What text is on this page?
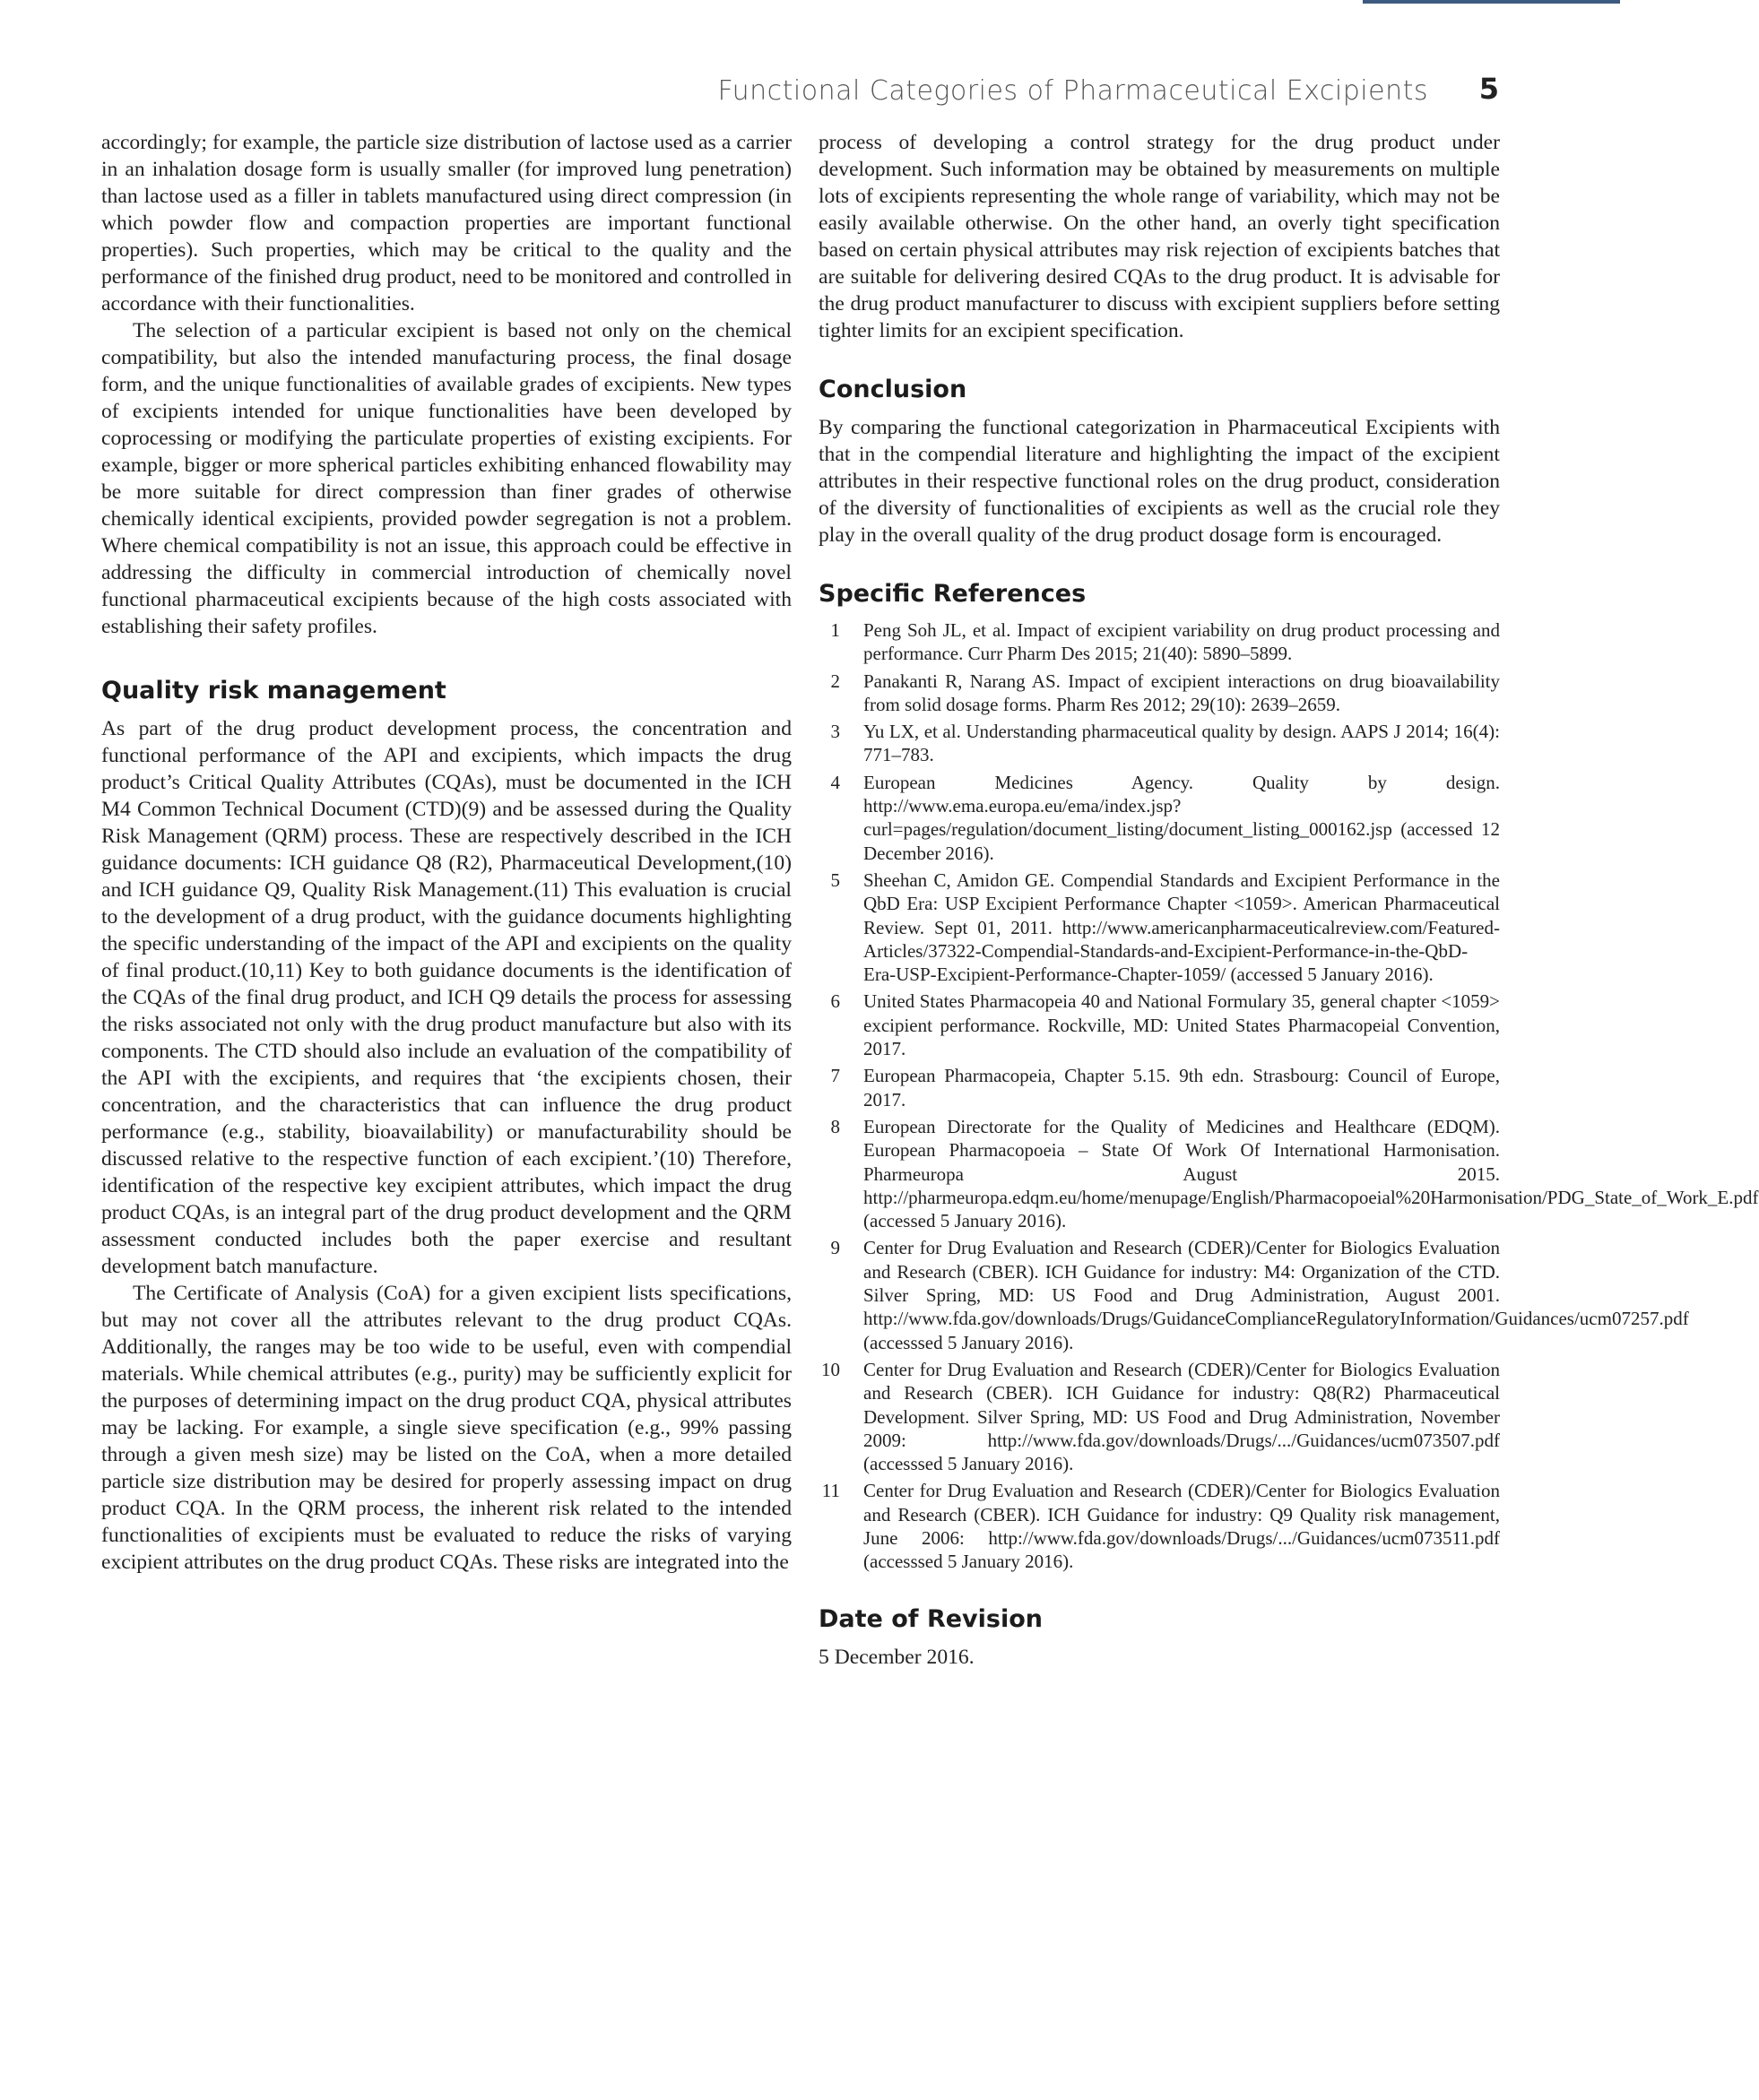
Functional Categories of Pharmaceutical Excipients 5

accordingly; for example, the particle size distribution of lactose used as a carrier in an inhalation dosage form is usually smaller (for improved lung penetration) than lactose used as a filler in tablets manufactured using direct compression (in which powder flow and compaction properties are important functional properties). Such properties, which may be critical to the quality and the performance of the finished drug product, need to be monitored and controlled in accordance with their functionalities.

The selection of a particular excipient is based not only on the chemical compatibility, but also the intended manufacturing process, the final dosage form, and the unique functionalities of available grades of excipients. New types of excipients intended for unique functionalities have been developed by coprocessing or modifying the particulate properties of existing excipients. For example, bigger or more spherical particles exhibiting enhanced flowability may be more suitable for direct compression than finer grades of otherwise chemically identical excipients, provided powder segregation is not a problem. Where chemical compatibility is not an issue, this approach could be effective in addressing the difficulty in commercial introduction of chemically novel functional pharmaceutical excipients because of the high costs associated with establishing their safety profiles.

Quality risk management

As part of the drug product development process, the concentration and functional performance of the API and excipients, which impacts the drug product’s Critical Quality Attributes (CQAs), must be documented in the ICH M4 Common Technical Document (CTD)(9) and be assessed during the Quality Risk Management (QRM) process. These are respectively described in the ICH guidance documents: ICH guidance Q8 (R2), Pharmaceutical Development,(10) and ICH guidance Q9, Quality Risk Management.(11) This evaluation is crucial to the development of a drug product, with the guidance documents highlighting the specific understanding of the impact of the API and excipients on the quality of final product.(10,11) Key to both guidance documents is the identification of the CQAs of the final drug product, and ICH Q9 details the process for assessing the risks associated not only with the drug product manufacture but also with its components. The CTD should also include an evaluation of the compatibility of the API with the excipients, and requires that ‘the excipients chosen, their concentration, and the characteristics that can influence the drug product performance (e.g., stability, bioavailability) or manufacturability should be discussed relative to the respective function of each excipient.’(10) Therefore, identification of the respective key excipient attributes, which impact the drug product CQAs, is an integral part of the drug product development and the QRM assessment conducted includes both the paper exercise and resultant development batch manufacture.

The Certificate of Analysis (CoA) for a given excipient lists specifications, but may not cover all the attributes relevant to the drug product CQAs. Additionally, the ranges may be too wide to be useful, even with compendial materials. While chemical attributes (e.g., purity) may be sufficiently explicit for the purposes of determining impact on the drug product CQA, physical attributes may be lacking. For example, a single sieve specification (e.g., 99% passing through a given mesh size) may be listed on the CoA, when a more detailed particle size distribution may be desired for properly assessing impact on drug product CQA. In the QRM process, the inherent risk related to the intended functionalities of excipients must be evaluated to reduce the risks of varying excipient attributes on the drug product CQAs. These risks are integrated into the

process of developing a control strategy for the drug product under development. Such information may be obtained by measurements on multiple lots of excipients representing the whole range of variability, which may not be easily available otherwise. On the other hand, an overly tight specification based on certain physical attributes may risk rejection of excipients batches that are suitable for delivering desired CQAs to the drug product. It is advisable for the drug product manufacturer to discuss with excipient suppliers before setting tighter limits for an excipient specification.

Conclusion

By comparing the functional categorization in Pharmaceutical Excipients with that in the compendial literature and highlighting the impact of the excipient attributes in their respective functional roles on the drug product, consideration of the diversity of functionalities of excipients as well as the crucial role they play in the overall quality of the drug product dosage form is encouraged.

Specific References
1 Peng Soh JL, et al. Impact of excipient variability on drug product processing and performance. Curr Pharm Des 2015; 21(40): 5890–5899.
2 Panakanti R, Narang AS. Impact of excipient interactions on drug bioavailability from solid dosage forms. Pharm Res 2012; 29(10): 2639–2659.
3 Yu LX, et al. Understanding pharmaceutical quality by design. AAPS J 2014; 16(4): 771–783.
4 European Medicines Agency. Quality by design. http://www.ema.europa.eu/ema/index.jsp?curl=pages/regulation/document_listing/document_listing_000162.jsp (accessed 12 December 2016).
5 Sheehan C, Amidon GE. Compendial Standards and Excipient Performance in the QbD Era: USP Excipient Performance Chapter <1059>. American Pharmaceutical Review. Sept 01, 2011. http://www.americanpharmaceuticalreview.com/Featured-Articles/37322-Compendial-Standards-and-Excipient-Performance-in-the-QbD-Era-USP-Excipient-Performance-Chapter-1059/ (accessed 5 January 2016).
6 United States Pharmacopeia 40 and National Formulary 35, general chapter <1059> excipient performance. Rockville, MD: United States Pharmacopeial Convention, 2017.
7 European Pharmacopeia, Chapter 5.15. 9th edn. Strasbourg: Council of Europe, 2017.
8 European Directorate for the Quality of Medicines and Healthcare (EDQM). European Pharmacopoeia – State Of Work Of International Harmonisation. Pharmeuropa August 2015. http://pharmeuropa.edqm.eu/home/menupage/English/Pharmacopoeial%20Harmonisation/PDG_State_of_Work_E.pdf (accessed 5 January 2016).
9 Center for Drug Evaluation and Research (CDER)/Center for Biologics Evaluation and Research (CBER). ICH Guidance for industry: M4: Organization of the CTD. Silver Spring, MD: US Food and Drug Administration, August 2001. http://www.fda.gov/downloads/Drugs/GuidanceComplianceRegulatoryInformation/Guidances/ucm07257.pdf (accesssed 5 January 2016).
10 Center for Drug Evaluation and Research (CDER)/Center for Biologics Evaluation and Research (CBER). ICH Guidance for industry: Q8(R2) Pharmaceutical Development. Silver Spring, MD: US Food and Drug Administration, November 2009: http://www.fda.gov/downloads/Drugs/.../Guidances/ucm073507.pdf (accesssed 5 January 2016).
11 Center for Drug Evaluation and Research (CDER)/Center for Biologics Evaluation and Research (CBER). ICH Guidance for industry: Q9 Quality risk management, June 2006: http://www.fda.gov/downloads/Drugs/.../Guidances/ucm073511.pdf (accesssed 5 January 2016).
Date of Revision

5 December 2016.
